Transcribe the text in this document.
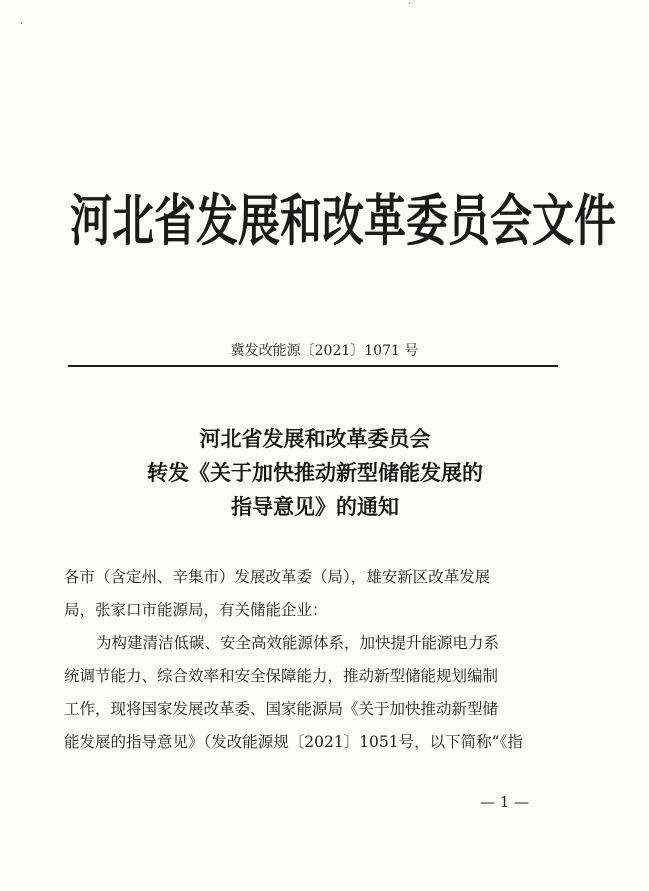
·
·
河北省发展和改革委员会文件
冀发改能源〔2021〕1071 号
河北省发展和改革委员会
转发《关于加快推动新型储能发展的
指导意见》的通知
各市（含定州、辛集市）发展改革委（局），雄安新区改革发展
局，张家口市能源局，有关储能企业：
为构建清洁低碳、安全高效能源体系，加快提升能源电力系
统调节能力、综合效率和安全保障能力，推动新型储能规划编制
工作，现将国家发展改革委、国家能源局《关于加快推动新型储
能发展的指导意见》（发改能源规〔2021〕1051号，以下简称“《指
— 1 —
